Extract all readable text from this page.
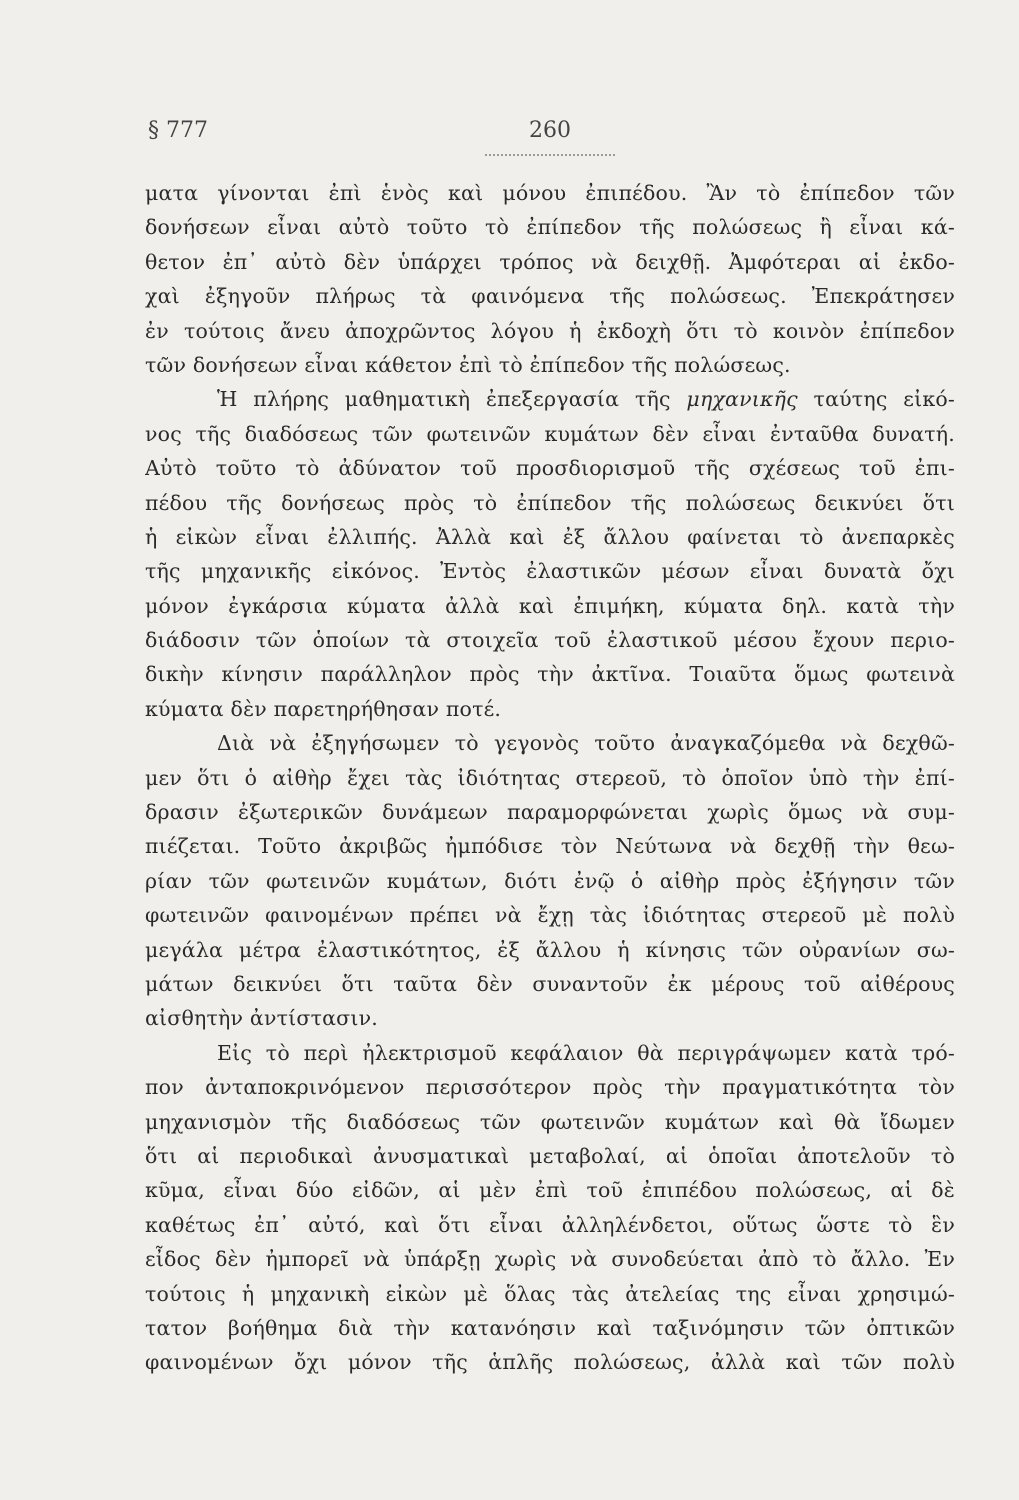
§ 777	260
ματα γίνονται ἐπὶ ἑνὸς καὶ μόνου ἐπιπέδου. Ἂν τὸ ἐπίπεδον τῶν
δονήσεων εἶναι αὐτὸ τοῦτο τὸ ἐπίπεδον τῆς πολώσεως ἢ εἶναι κά-
θετον ἐπ᾽ αὐτὸ δὲν ὑπάρχει τρόπος νὰ δειχθῇ. Ἀμφότεραι αἱ ἐκδο-
χαὶ ἐξηγοῦν πλήρως τὰ φαινόμενα τῆς πολώσεως. Ἐπεκράτησεν
ἐν τούτοις ἄνευ ἀποχρῶντος λόγου ἡ ἐκδοχὴ ὅτι τὸ κοινὸν ἐπίπεδον
τῶν δονήσεων εἶναι κάθετον ἐπὶ τὸ ἐπίπεδον τῆς πολώσεως.
Ἡ πλήρης μαθηματικὴ ἐπεξεργασία τῆς μηχανικῆς ταύτης εἰκό-
νος τῆς διαδόσεως τῶν φωτεινῶν κυμάτων δὲν εἶναι ἐνταῦθα δυνατή.
Αὐτὸ τοῦτο τὸ ἀδύνατον τοῦ προσδιορισμοῦ τῆς σχέσεως τοῦ ἐπι-
πέδου τῆς δονήσεως πρὸς τὸ ἐπίπεδον τῆς πολώσεως δεικνύει ὅτι
ἡ εἰκὼν εἶναι ἐλλιπής. Ἀλλὰ καὶ ἐξ ἄλλου φαίνεται τὸ ἀνεπαρκὲς
τῆς μηχανικῆς εἰκόνος. Ἐντὸς ἐλαστικῶν μέσων εἶναι δυνατὰ ὄχι
μόνον ἐγκάρσια κύματα ἀλλὰ καὶ ἐπιμήκη, κύματα δηλ. κατὰ τὴν
διάδοσιν τῶν ὁποίων τὰ στοιχεῖα τοῦ ἐλαστικοῦ μέσου ἔχουν περιο-
δικὴν κίνησιν παράλληλον πρὸς τὴν ἀκτῖνα. Τοιαῦτα ὅμως φωτεινὰ
κύματα δὲν παρετηρήθησαν ποτέ.
Διὰ νὰ ἐξηγήσωμεν τὸ γεγονὸς τοῦτο ἀναγκαζόμεθα νὰ δεχθῶ-
μεν ὅτι ὁ αἰθὴρ ἔχει τὰς ἰδιότητας στερεοῦ, τὸ ὁποῖον ὑπὸ τὴν ἐπί-
δρασιν ἐξωτερικῶν δυνάμεων παραμορφώνεται χωρὶς ὅμως νὰ συμ-
πιέζεται. Τοῦτο ἀκριβῶς ἠμπόδισε τὸν Νεύτωνα νὰ δεχθῇ τὴν θεω-
ρίαν τῶν φωτεινῶν κυμάτων, διότι ἐνῷ ὁ αἰθὴρ πρὸς ἐξήγησιν τῶν
φωτεινῶν φαινομένων πρέπει νὰ ἔχῃ τὰς ἰδιότητας στερεοῦ μὲ πολὺ
μεγάλα μέτρα ἐλαστικότητος, ἐξ ἄλλου ἡ κίνησις τῶν οὐρανίων σω-
μάτων δεικνύει ὅτι ταῦτα δὲν συναντοῦν ἐκ μέρους τοῦ αἰθέρους
αἰσθητὴν ἀντίστασιν.
Εἰς τὸ περὶ ἠλεκτρισμοῦ κεφάλαιον θὰ περιγράψωμεν κατὰ τρό-
πον ἀνταποκρινόμενον περισσότερον πρὸς τὴν πραγματικότητα τὸν
μηχανισμὸν τῆς διαδόσεως τῶν φωτεινῶν κυμάτων καὶ θὰ ἴδωμεν
ὅτι αἱ περιοδικαὶ ἀνυσματικαὶ μεταβολαί, αἱ ὁποῖαι ἀποτελοῦν τὸ
κῦμα, εἶναι δύο εἰδῶν, αἱ μὲν ἐπὶ τοῦ ἐπιπέδου πολώσεως, αἱ δὲ
καθέτως ἐπ᾽ αὐτό, καὶ ὅτι εἶναι ἀλληλένδετοι, οὕτως ὥστε τὸ ἓν
εἶδος δὲν ἠμπορεῖ νὰ ὑπάρξῃ χωρὶς νὰ συνοδεύεται ἀπὸ τὸ ἄλλο. Ἐν
τούτοις ἡ μηχανικὴ εἰκὼν μὲ ὅλας τὰς ἀτελείας της εἶναι χρησιμώ-
τατον βοήθημα διὰ τὴν κατανόησιν καὶ ταξινόμησιν τῶν ὀπτικῶν
φαινομένων ὄχι μόνον τῆς ἁπλῆς πολώσεως, ἀλλὰ καὶ τῶν πολὺ
